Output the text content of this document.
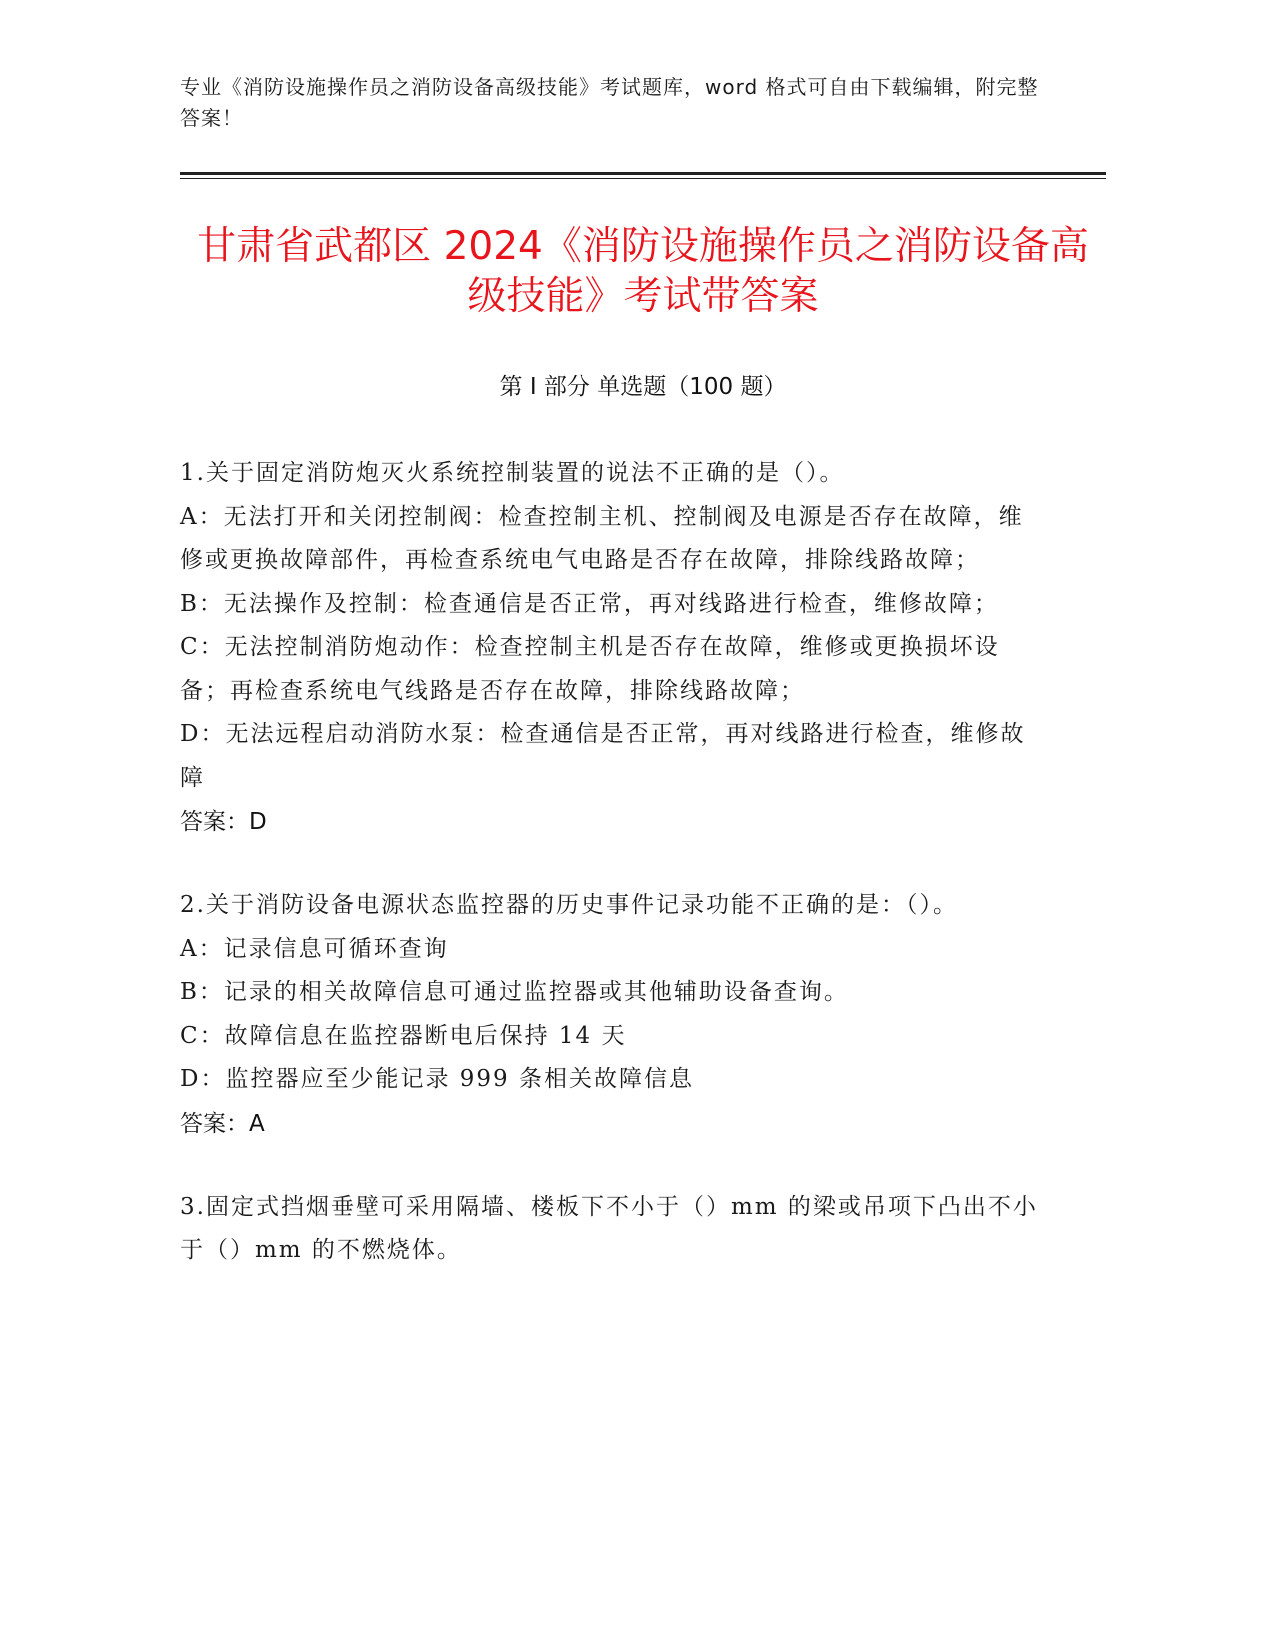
专业《消防设施操作员之消防设备高级技能》考试题库，word 格式可自由下载编辑，附完整答案！
甘肃省武都区 2024《消防设施操作员之消防设备高级技能》考试带答案
第 I 部分 单选题（100 题）
1.关于固定消防炮灭火系统控制装置的说法不正确的是（）。
A：无法打开和关闭控制阀：检查控制主机、控制阀及电源是否存在故障，维修或更换故障部件，再检查系统电气电路是否存在故障，排除线路故障；
B：无法操作及控制：检查通信是否正常，再对线路进行检查，维修故障；
C：无法控制消防炮动作：检查控制主机是否存在故障，维修或更换损坏设备；再检查系统电气线路是否存在故障，排除线路故障；
D：无法远程启动消防水泵：检查通信是否正常，再对线路进行检查，维修故障
答案：D
2.关于消防设备电源状态监控器的历史事件记录功能不正确的是：（）。
A：记录信息可循环查询
B：记录的相关故障信息可通过监控器或其他辅助设备查询。
C：故障信息在监控器断电后保持 14 天
D：监控器应至少能记录 999 条相关故障信息
答案：A
3.固定式挡烟垂壁可采用隔墙、楼板下不小于（）mm 的梁或吊项下凸出不小于（）mm 的不燃烧体。
